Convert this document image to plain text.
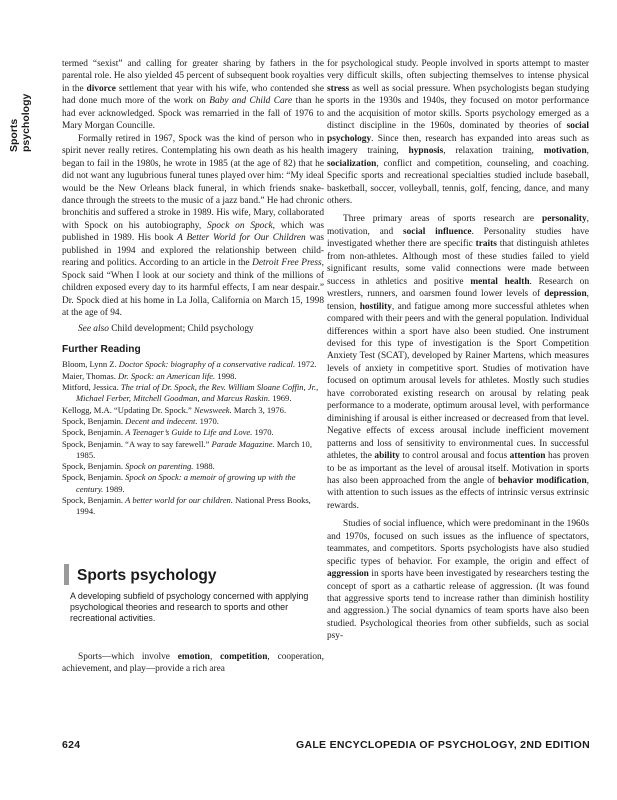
Sports psychology

termed “sexist” and calling for greater sharing by fathers in the parental role. He also yielded 45 percent of subsequent book royalties in the divorce settlement that year with his wife, who contended she had done much more of the work on Baby and Child Care than he had ever acknowledged. Spock was remarried in the fall of 1976 to Mary Morgan Councille.

Formally retired in 1967, Spock was the kind of person who in spirit never really retires. Contemplating his own death as his health began to fail in the 1980s, he wrote in 1985 (at the age of 82) that he did not want any lugubrious funeral tunes played over him: “My ideal would be the New Orleans black funeral, in which friends snake-dance through the streets to the music of a jazz band.” He had chronic bronchitis and suffered a stroke in 1989. His wife, Mary, collaborated with Spock on his autobiography, Spock on Spock, which was published in 1989. His book A Better World for Our Children was published in 1994 and explored the relationship between child-rearing and politics. According to an article in the Detroit Free Press, Spock said “When I look at our society and think of the millions of children exposed every day to its harmful effects, I am near despair.” Dr. Spock died at his home in La Jolla, California on March 15, 1998 at the age of 94.

See also Child development; Child psychology

Further Reading
Bloom, Lynn Z. Doctor Spock: biography of a conservative radical. 1972.
Maier, Thomas. Dr. Spock: an American life. 1998.
Mitford, Jessica. The trial of Dr. Spock, the Rev. William Sloane Coffin, Jr., Michael Ferber, Mitchell Goodman, and Marcus Raskin. 1969.
Kellogg, M.A. “Updating Dr. Spock.” Newsweek. March 3, 1976.
Spock, Benjamin. Decent and indecent. 1970.
Spock, Benjamin. A Teenager’s Guide to Life and Love. 1970.
Spock, Benjamin. “A way to say farewell.” Parade Magazine. March 10, 1985.
Spock, Benjamin. Spock on parenting. 1988.
Spock, Benjamin. Spock on Spock: a memoir of growing up with the century. 1989.
Spock, Benjamin. A better world for our children. National Press Books, 1994.
Sports psychology

A developing subfield of psychology concerned with applying psychological theories and research to sports and other recreational activities.

Sports—which involve emotion, competition, cooperation, achievement, and play—provide a rich area

for psychological study. People involved in sports attempt to master very difficult skills, often subjecting themselves to intense physical stress as well as social pressure. When psychologists began studying sports in the 1930s and 1940s, they focused on motor performance and the acquisition of motor skills. Sports psychology emerged as a distinct discipline in the 1960s, dominated by theories of social psychology. Since then, research has expanded into areas such as imagery training, hypnosis, relaxation training, motivation, socialization, conflict and competition, counseling, and coaching. Specific sports and recreational specialties studied include baseball, basketball, soccer, volleyball, tennis, golf, fencing, dance, and many others.

Three primary areas of sports research are personality, motivation, and social influence. Personality studies have investigated whether there are specific traits that distinguish athletes from non-athletes. Although most of these studies failed to yield significant results, some valid connections were made between success in athletics and positive mental health. Research on wrestlers, runners, and oarsmen found lower levels of depression, tension, hostility, and fatigue among more successful athletes when compared with their peers and with the general population. Individual differences within a sport have also been studied. One instrument devised for this type of investigation is the Sport Competition Anxiety Test (SCAT), developed by Rainer Martens, which measures levels of anxiety in competitive sport. Studies of motivation have focused on optimum arousal levels for athletes. Mostly such studies have corroborated existing research on arousal by relating peak performance to a moderate, optimum arousal level, with performance diminishing if arousal is either increased or decreased from that level. Negative effects of excess arousal include inefficient movement patterns and loss of sensitivity to environmental cues. In successful athletes, the ability to control arousal and focus attention has proven to be as important as the level of arousal itself. Motivation in sports has also been approached from the angle of behavior modification, with attention to such issues as the effects of intrinsic versus extrinsic rewards.

Studies of social influence, which were predominant in the 1960s and 1970s, focused on such issues as the influence of spectators, teammates, and competitors. Sports psychologists have also studied specific types of behavior. For example, the origin and effect of aggression in sports have been investigated by researchers testing the concept of sport as a cathartic release of aggression. (It was found that aggressive sports tend to increase rather than diminish hostility and aggression.) The social dynamics of team sports have also been studied. Psychological theories from other subfields, such as social psy-

624	GALE ENCYCLOPEDIA OF PSYCHOLOGY, 2ND EDITION
